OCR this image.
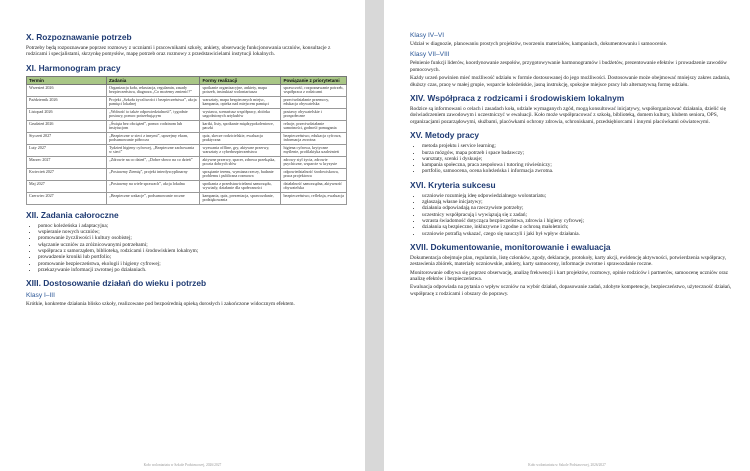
X. Rozpoznawanie potrzeb

Potrzeby będą rozpoznawane poprzez rozmowy z uczniami i pracownikami szkoły, ankiety, obserwację funkcjonowania uczniów, konsultacje z rodzicami i specjalistami, skrzynkę pomysłów, mapę potrzeb oraz rozmowy z przedstawicielami instytucji lokalnych.

XI. Harmonogram pracy
Termin	Zadania	Formy realizacji	Powiązanie z priorytetami
Wrzesień 2026	Organizacja koła, rekrutacja, regulamin, zasady bezpieczeństwa, diagnoza „Co możemy zmienić?”	spotkanie organizacyjne, ankiety, mapa potrzeb, instruktaż wolontariusza	sprawczość, rozpoznawanie potrzeb, współpraca z rodzicami
Październik 2026	Projekt „Szkoła życzliwości i bezpieczeństwa”, akcja pamięci lokalnej	warsztaty, mapa bezpiecznych miejsc, kampania, opieka nad miejscem pamięci	przeciwdziałanie przemocy, edukacja obywatelska
Listopad 2026	„Wolność to także odpowiedzialność”, tygodnie postawy, pomoc potrzebującym	wystawa, scenariusz współpracy, zbiórka uzgodnionych artykułów	postawy obywatelskie i prospołeczne
Grudzień 2026	„Święta bez obciążeń”, pomoc rodzinom lub instytucjom	kartki, listy, spotkanie międzypokoleniowe, paczki	relacje, przeciwdziałanie samotności, godność pomagania
Styczeń 2027	„Bezpieczne w sieci z innymi”, uprzejmy ekran, podsumowanie półrocza	quiz, skecze rodzicielskie, ewaluacja praktyczna	bezpieczeństwo, edukacja cyfrowa, informacja zwrotna
Luty 2027	Tydzień higieny cyfrowej, „Bezpieczne zachowania w sieci”	wyzwania offline, gry, aktywne przerwy, warsztaty z cyberbezpieczeństwa	higiena cyfrowa, krytyczne myślenie, profilaktyka uzależnień
Marzec 2027	„Zdrowie na co dzień”, „Dobre słowo na co dzień”	aktywne przerwy, spacer, zdrowa przekąska, poczta dobrych słów	zdrowy styl życia, zdrowie psychiczne, wsparcie w kryzysie
Kwiecień 2027	„Postawmy Ziemię”, projekt interdyscyplinarny	sprzątanie terenu, wymiana rzeczy, badanie problemu i publiczna rozmowa	odpowiedzialność środowiskowa, praca projektowa
Maj 2027	„Postawmy na wiele sprawach”, akcja lokalna	spotkania z przedstawicielami samorządu, wywiady, działanie dla społeczności	działalność samorządna, aktywność obywatelska
Czerwiec 2027	„Bezpieczne wakacje”, podsumowanie roczne	kampania, quiz, prezentacja, sprawozdanie, podziękowania	bezpieczeństwo, refleksja, ewaluacja
XII. Zadania całoroczne
• pomoc koleżeńska i adaptacyjna;
• wspieranie nowych uczniów;
• promowanie życzliwości i kultury osobistej;
• włączanie uczniów za zróżnicowanymi potrzebami;
• współpraca z samorządem, biblioteką, rodzicami i środowiskiem lokalnym;
• prowadzenie kroniki lub portfolio;
• promowanie bezpieczeństwa, ekologii i higieny cyfrowej;
• przekazywanie informacji zwrotnej po działaniach.
XIII. Dostosowanie działań do wieku i potrzeb
Klasy I–III

Krótkie, konkretne działania blisko szkoły, realizowane pod bezpośrednią opieką dorosłych i zakończone widocznym efektem.

Koło wolontariatu w Szkole Podstawowej, 2026/2027
Klasy IV–VI

Udział w diagnozie, planowaniu prostych projektów, tworzeniu materiałów, kampaniach, dokumentowaniu i samoocenie.

Klasy VII–VIII

Pełnienie funkcji liderów, koordynowanie zespołów, przygotowywanie harmonogramów i budżetów, prezentowanie efektów i prowadzenie zawodów pomocowych.

Każdy uczeń powinien mieć możliwość udziału w formie dostosowanej do jego możliwości. Dostosowanie może obejmować mniejszy zakres zadania, dłuższy czas, pracę w małej grupie, wsparcie koleżeńskie, jasną instrukcję, spokojne miejsce pracy lub alternatywną formę udziału.

XIV. Współpraca z rodzicami i środowiskiem lokalnym

Rodzice są informowani o celach i zasadach koła, udziale wymaganych zgód, mogą konsultować inicjatywy, współorganizować działania, dzielić się doświadczeniem zawodowym i uczestniczyć w ewaluacji. Koło może współpracować z szkołą, biblioteką, domem kultury, klubem seniora, OPS, organizacjami pozarządowymi, służbami, placówkami ochrony zdrowia, schroniskami, przedsiębiorcami i innymi placówkami oświatowymi.

XV. Metody pracy
• metoda projektu i service learning;
• burza mózgów, mapa potrzeb i space badawczy;
• warsztaty, scenki i dyskusje;
• kampania społeczna, praca zespołowa i tutoring rówieśniczy;
• portfolio, samoocena, ocena koleżeńska i informacja zwrotna.
XVI. Kryteria sukcesu
• uczniowie rozumieją ideę odpowiedzialnego wolontariatu;
• zgłaszają własne inicjatywy;
• działania odpowiadają na rzeczywiste potrzeby;
• uczestnicy współpracują i wywiązują się z zadań;
• wzrasta świadomość dotycząca bezpieczeństwa, zdrowia i higieny cyfrowej;
• działania są bezpieczne, inkluzywne i zgodne z ochroną małoletnich;
• uczniowie potrafią wskazać, czego się nauczyli i jaki był wpływ działania.
XVII. Dokumentowanie, monitorowanie i ewaluacja

Dokumentacja obejmuje plan, regulamin, listę członków, zgody, deklaracje, protokoły, karty akcji, ewidencję aktywności, potwierdzenia współpracy, zestawienia zbiórek, materiały uczniowskie, ankiety, karty samooceny, informacje zwrotne i sprawozdanie roczne.

Monitorowanie odbywa się poprzez obserwację, analizę frekwencji i kart projektów, rozmowy, opinie rodziców i partnerów, samoocenę uczniów oraz analizę efektów i bezpieczeństwa.

Ewaluacja odpowiada na pytania o wpływ uczniów na wybór działań, dopasowanie zadań, zdobyte kompetencje, bezpieczeństwo, użyteczność działań, współpracę z rodzicami i obszary do poprawy.

Koło wolontariatu w Szkole Podstawowej, 2026/2027
